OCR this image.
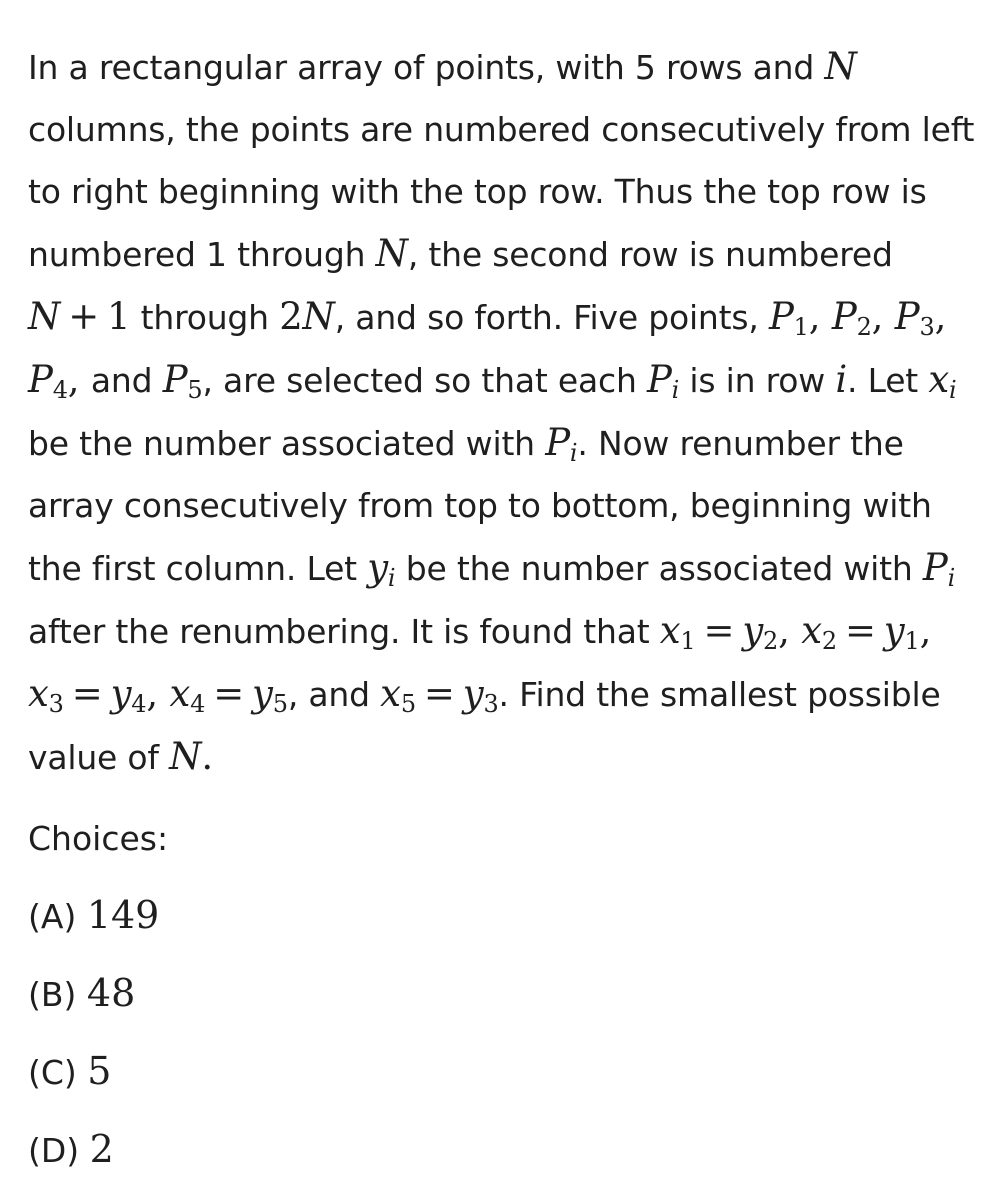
In a rectangular array of points, with 5 rows and N columns, the points are numbered consecutively from left to right beginning with the top row. Thus the top row is numbered 1 through N, the second row is numbered N + 1 through 2N, and so forth. Five points, $P_1$, $P_2$, $P_3$, $P_4$, and $P_5$, are selected so that each Pi is in row i. Let xi be the number associated with Pi. Now renumber the array consecutively from top to bottom, beginning with the first column. Let yi be the number associated with Pi after the renumbering. It is found that $x_1 = y_2$, $x_2 = y_1$, $x_3 = y_4$, $x_4 = y_5$, and $x_5 = y_3$. Find the smallest possible value of N.

Choices:
(A) 149
(B) 48
(C) 5
(D) 2
